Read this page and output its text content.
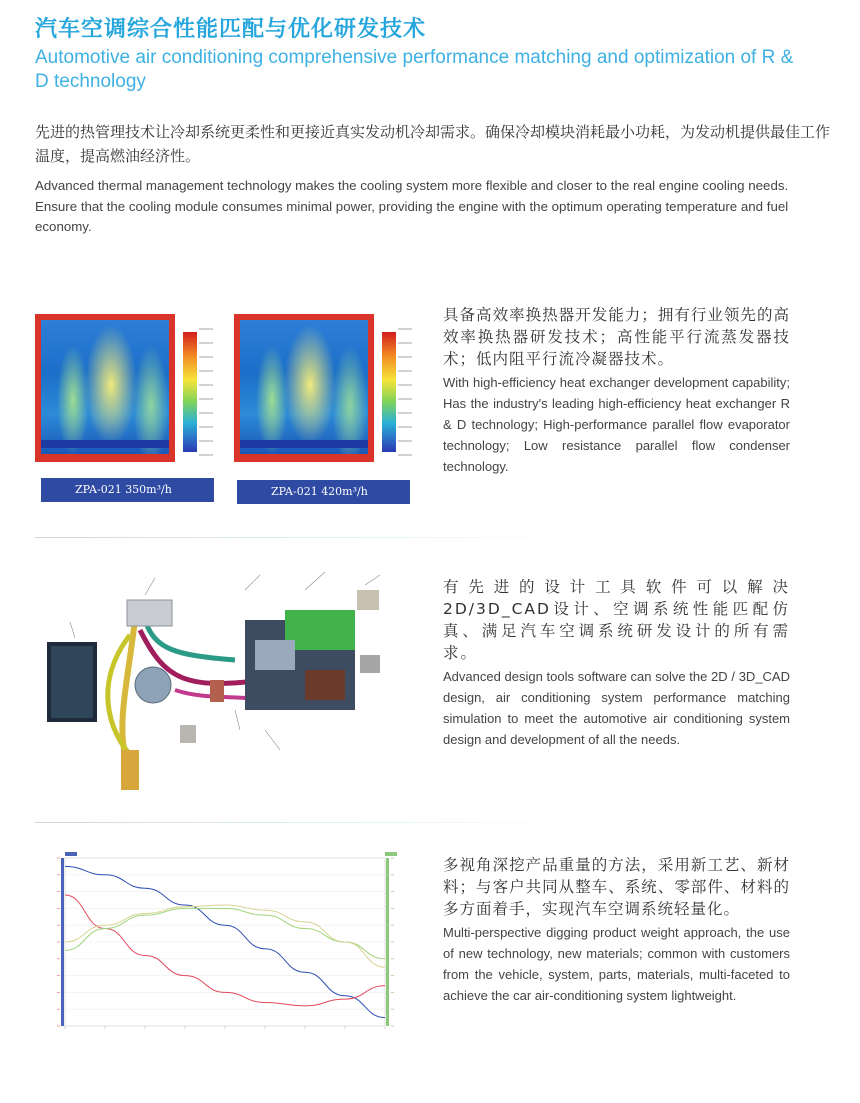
汽车空调综合性能匹配与优化研发技术
Automotive air conditioning comprehensive performance matching and optimization of R & D technology
先进的热管理技术让冷却系统更柔性和更接近真实发动机冷却需求。确保冷却模块消耗最小功耗，为发动机提供最佳工作温度，提高燃油经济性。
Advanced thermal management technology makes the cooling system more flexible and closer to the real engine cooling needs. Ensure that the cooling module consumes minimal power, providing the engine with the optimum operating temperature and fuel economy.
ZPA-021 350m³/h	ZPA-021 420m³/h
具备高效率换热器开发能力；拥有行业领先的高效率换热器研发技术；高性能平行流蒸发器技术；低内阻平行流冷凝器技术。
With high-efficiency heat exchanger development capability; Has the industry's leading high-efficiency heat exchanger R & D technology; High-performance parallel flow evaporator technology; Low resistance parallel flow condenser technology.
有先进的设计工具软件可以解决2D/3D_CAD设计、空调系统性能匹配仿真、满足汽车空调系统研发设计的所有需求。
Advanced design tools software can solve the 2D / 3D_CAD design, air conditioning system performance matching simulation to meet the automotive air conditioning system design and development of all the needs.
多视角深挖产品重量的方法，采用新工艺、新材料；与客户共同从整车、系统、零部件、材料的多方面着手，实现汽车空调系统轻量化。
Multi-perspective digging product weight approach, the use of new technology, new materials; common with customers from the vehicle, system, parts, materials, multi-faceted to achieve the car air-conditioning system lightweight.
